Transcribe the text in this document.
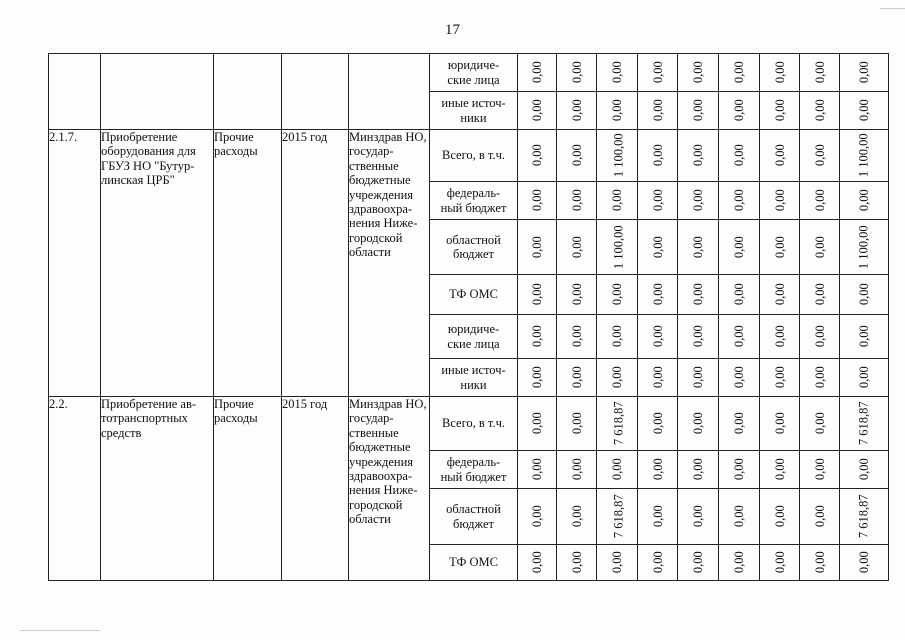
17
					юридиче-
ские лица	0,00	0,00	0,00	0,00	0,00	0,00	0,00	0,00	0,00
					иные источ-
ники	0,00	0,00	0,00	0,00	0,00	0,00	0,00	0,00	0,00
2.1.7.	Приобретение оборудования для ГБУЗ НО "Бутур-линская ЦРБ"	Прочие расходы	2015 год	Минздрав НО, государ-ственные бюджетные учреждения здравоохра-нения Ниже-городской области	Всего, в т.ч.	0,00	0,00	1 100,00	0,00	0,00	0,00	0,00	0,00	1 100,00
					федераль-
ный бюджет	0,00	0,00	0,00	0,00	0,00	0,00	0,00	0,00	0,00
					областной
бюджет	0,00	0,00	1 100,00	0,00	0,00	0,00	0,00	0,00	1 100,00
					ТФ ОМС	0,00	0,00	0,00	0,00	0,00	0,00	0,00	0,00	0,00
					юридиче-
ские лица	0,00	0,00	0,00	0,00	0,00	0,00	0,00	0,00	0,00
					иные источ-
ники	0,00	0,00	0,00	0,00	0,00	0,00	0,00	0,00	0,00
2.2.	Приобретение ав-тотранспортных средств	Прочие расходы	2015 год	Минздрав НО, государ-ственные бюджетные учреждения здравоохра-нения Ниже-городской области	Всего, в т.ч.	0,00	0,00	7 618,87	0,00	0,00	0,00	0,00	0,00	7 618,87
					федераль-
ный бюджет	0,00	0,00	0,00	0,00	0,00	0,00	0,00	0,00	0,00
					областной
бюджет	0,00	0,00	7 618,87	0,00	0,00	0,00	0,00	0,00	7 618,87
					ТФ ОМС	0,00	0,00	0,00	0,00	0,00	0,00	0,00	0,00	0,00
